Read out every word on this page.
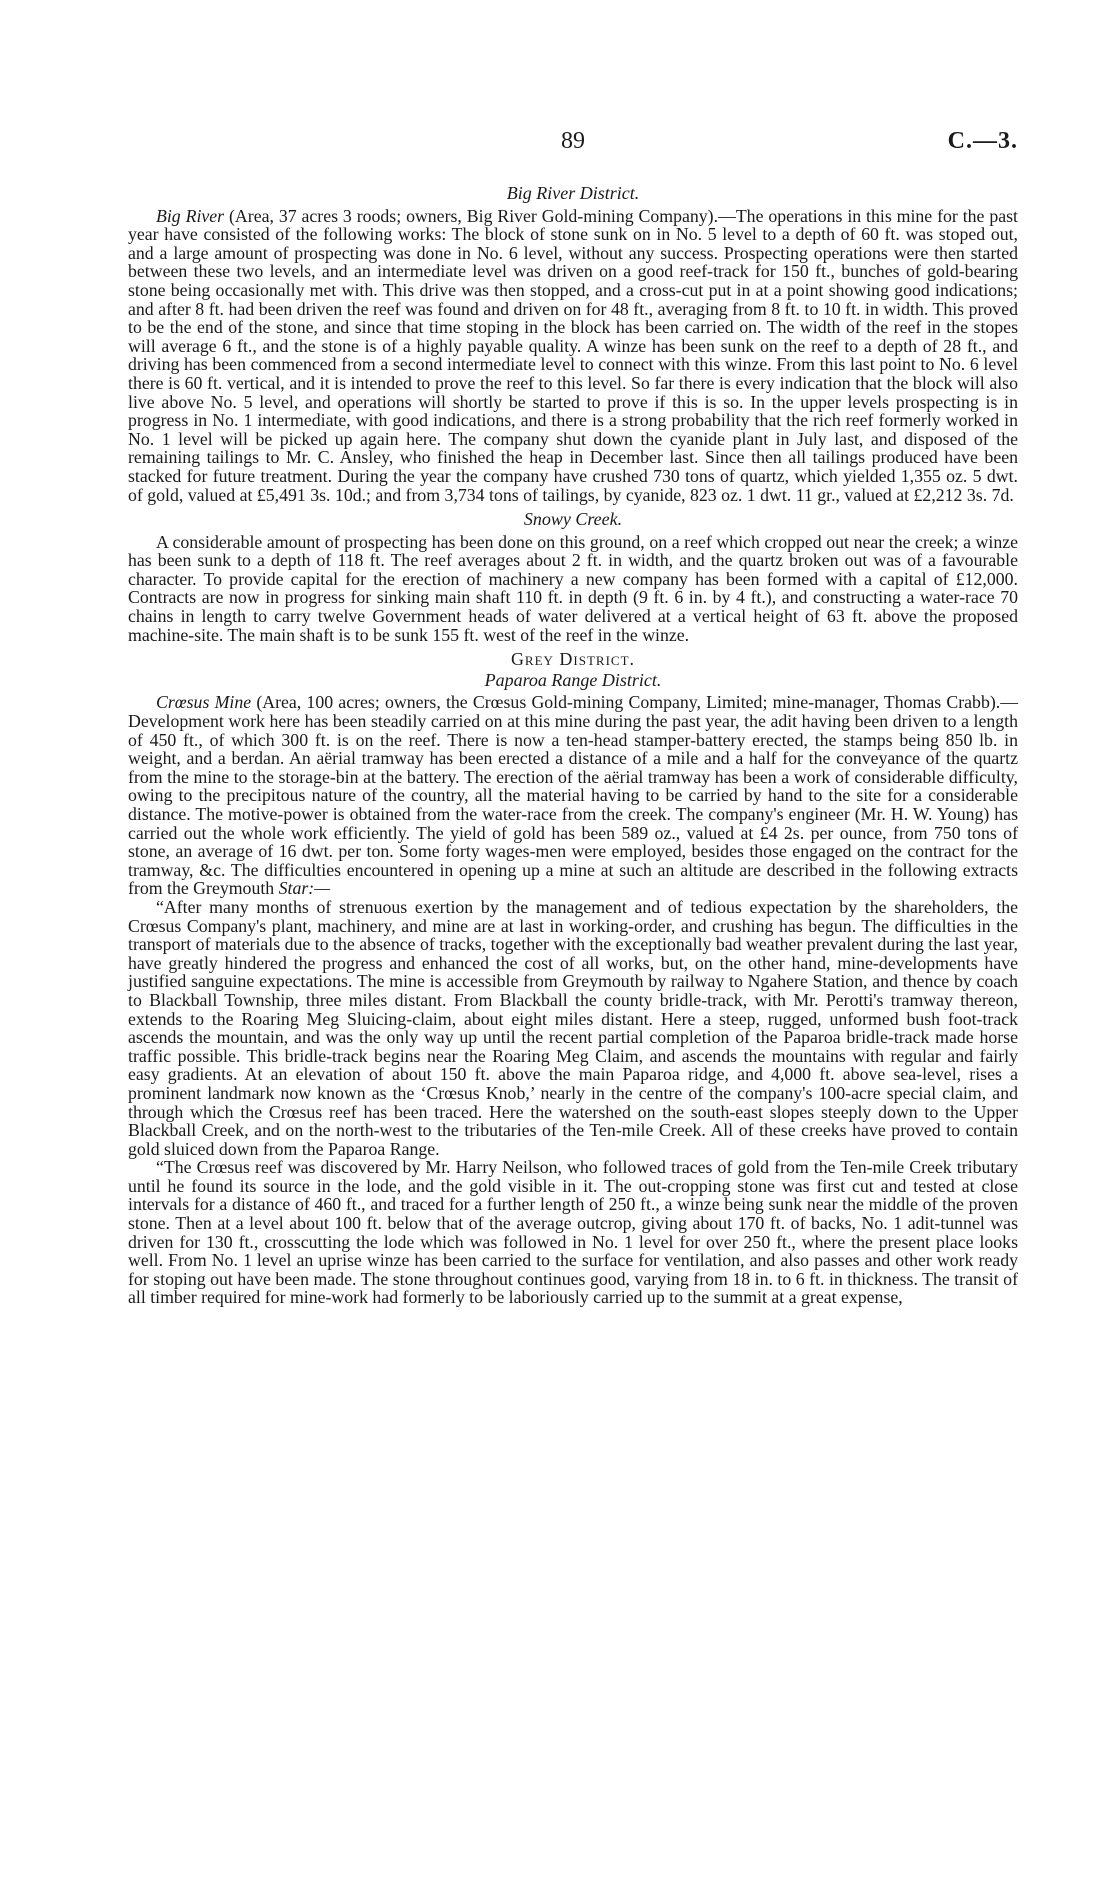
89	C.—3.
Big River District.

Big River (Area, 37 acres 3 roods; owners, Big River Gold-mining Company).—The operations in this mine for the past year have consisted of the following works: The block of stone sunk on in No. 5 level to a depth of 60 ft. was stoped out, and a large amount of prospecting was done in No. 6 level, without any success. Prospecting operations were then started between these two levels, and an intermediate level was driven on a good reef-track for 150 ft., bunches of gold-bearing stone being occasionally met with. This drive was then stopped, and a cross-cut put in at a point showing good indications; and after 8 ft. had been driven the reef was found and driven on for 48 ft., averaging from 8 ft. to 10 ft. in width. This proved to be the end of the stone, and since that time stoping in the block has been carried on. The width of the reef in the stopes will average 6 ft., and the stone is of a highly payable quality. A winze has been sunk on the reef to a depth of 28 ft., and driving has been commenced from a second intermediate level to connect with this winze. From this last point to No. 6 level there is 60 ft. vertical, and it is intended to prove the reef to this level. So far there is every indication that the block will also live above No. 5 level, and operations will shortly be started to prove if this is so. In the upper levels prospecting is in progress in No. 1 intermediate, with good indications, and there is a strong probability that the rich reef formerly worked in No. 1 level will be picked up again here. The company shut down the cyanide plant in July last, and disposed of the remaining tailings to Mr. C. Ansley, who finished the heap in December last. Since then all tailings produced have been stacked for future treatment. During the year the company have crushed 730 tons of quartz, which yielded 1,355 oz. 5 dwt. of gold, valued at £5,491 3s. 10d.; and from 3,734 tons of tailings, by cyanide, 823 oz. 1 dwt. 11 gr., valued at £2,212 3s. 7d.

Snowy Creek.

A considerable amount of prospecting has been done on this ground, on a reef which cropped out near the creek; a winze has been sunk to a depth of 118 ft. The reef averages about 2 ft. in width, and the quartz broken out was of a favourable character. To provide capital for the erection of machinery a new company has been formed with a capital of £12,000. Contracts are now in progress for sinking main shaft 110 ft. in depth (9 ft. 6 in. by 4 ft.), and constructing a water-race 70 chains in length to carry twelve Government heads of water delivered at a vertical height of 63 ft. above the proposed machine-site. The main shaft is to be sunk 155 ft. west of the reef in the winze.

Grey District.
Paparoa Range District.

Crœsus Mine (Area, 100 acres; owners, the Crœsus Gold-mining Company, Limited; mine-manager, Thomas Crabb).—Development work here has been steadily carried on at this mine during the past year, the adit having been driven to a length of 450 ft., of which 300 ft. is on the reef. There is now a ten-head stamper-battery erected, the stamps being 850 lb. in weight, and a berdan. An aërial tramway has been erected a distance of a mile and a half for the conveyance of the quartz from the mine to the storage-bin at the battery. The erection of the aërial tramway has been a work of considerable difficulty, owing to the precipitous nature of the country, all the material having to be carried by hand to the site for a considerable distance. The motive-power is obtained from the water-race from the creek. The company's engineer (Mr. H. W. Young) has carried out the whole work efficiently. The yield of gold has been 589 oz., valued at £4 2s. per ounce, from 750 tons of stone, an average of 16 dwt. per ton. Some forty wages-men were employed, besides those engaged on the contract for the tramway, &c. The difficulties encountered in opening up a mine at such an altitude are described in the following extracts from the Greymouth Star:—

“After many months of strenuous exertion by the management and of tedious expectation by the shareholders, the Crœsus Company's plant, machinery, and mine are at last in working-order, and crushing has begun. The difficulties in the transport of materials due to the absence of tracks, together with the exceptionally bad weather prevalent during the last year, have greatly hindered the progress and enhanced the cost of all works, but, on the other hand, mine-developments have justified sanguine expectations. The mine is accessible from Greymouth by railway to Ngahere Station, and thence by coach to Blackball Township, three miles distant. From Blackball the county bridle-track, with Mr. Perotti's tramway thereon, extends to the Roaring Meg Sluicing-claim, about eight miles distant. Here a steep, rugged, unformed bush foot-track ascends the mountain, and was the only way up until the recent partial completion of the Paparoa bridle-track made horse traffic possible. This bridle-track begins near the Roaring Meg Claim, and ascends the mountains with regular and fairly easy gradients. At an elevation of about 150 ft. above the main Paparoa ridge, and 4,000 ft. above sea-level, rises a prominent landmark now known as the ‘Crœsus Knob,’ nearly in the centre of the company's 100-acre special claim, and through which the Crœsus reef has been traced. Here the watershed on the south-east slopes steeply down to the Upper Blackball Creek, and on the north-west to the tributaries of the Ten-mile Creek. All of these creeks have proved to contain gold sluiced down from the Paparoa Range.

“The Crœsus reef was discovered by Mr. Harry Neilson, who followed traces of gold from the Ten-mile Creek tributary until he found its source in the lode, and the gold visible in it. The out-cropping stone was first cut and tested at close intervals for a distance of 460 ft., and traced for a further length of 250 ft., a winze being sunk near the middle of the proven stone. Then at a level about 100 ft. below that of the average outcrop, giving about 170 ft. of backs, No. 1 adit-tunnel was driven for 130 ft., crosscutting the lode which was followed in No. 1 level for over 250 ft., where the present place looks well. From No. 1 level an uprise winze has been carried to the surface for ventilation, and also passes and other work ready for stoping out have been made. The stone throughout continues good, varying from 18 in. to 6 ft. in thickness. The transit of all timber required for mine-work had formerly to be laboriously carried up to the summit at a great expense,
